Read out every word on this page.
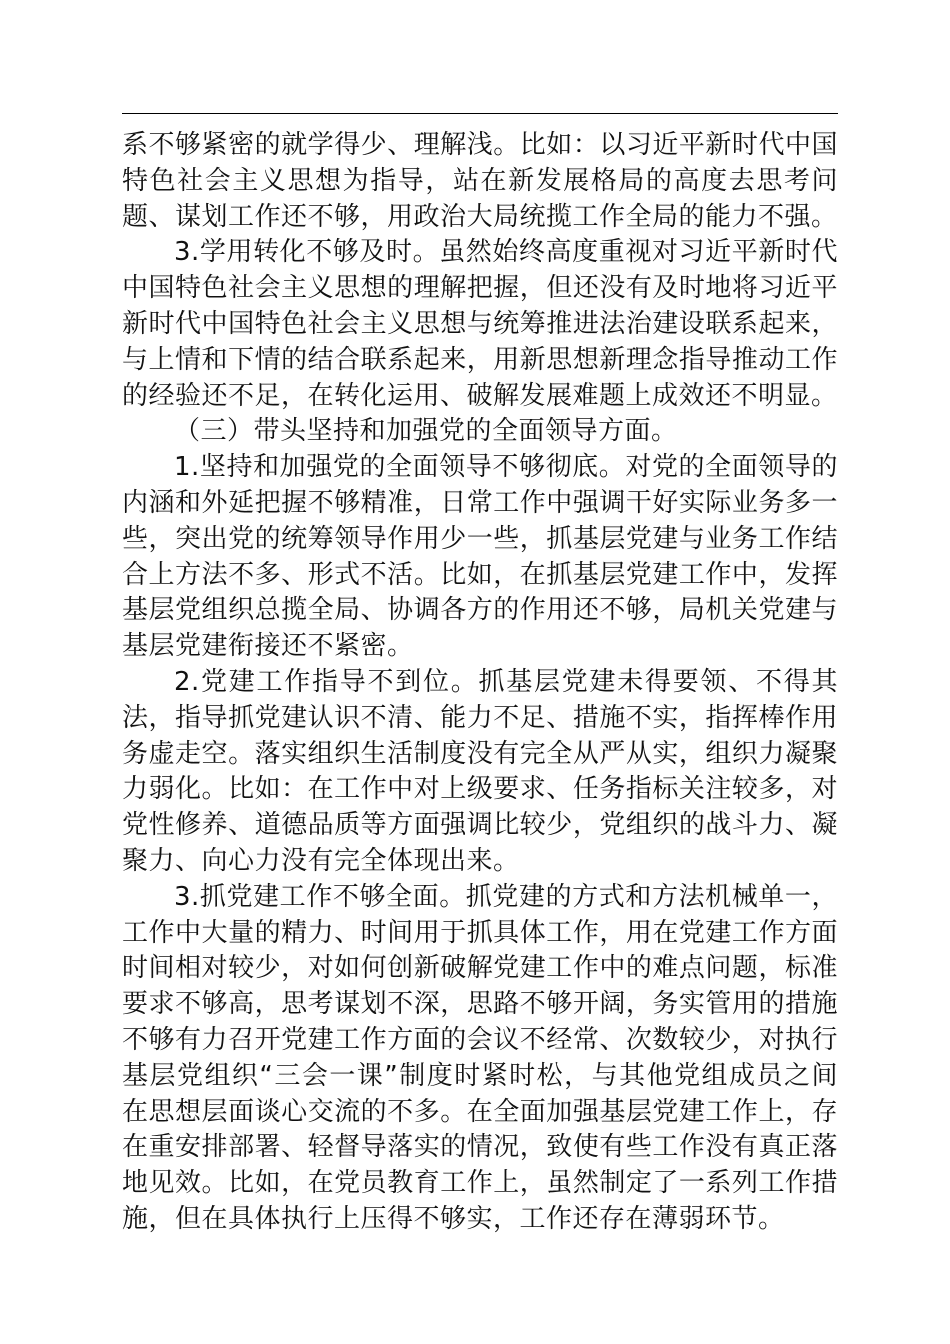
系不够紧密的就学得少、理解浅。比如：以习近平新时代中国特色社会主义思想为指导，站在新发展格局的高度去思考问题、谋划工作还不够，用政治大局统揽工作全局的能力不强。

3.学用转化不够及时。虽然始终高度重视对习近平新时代中国特色社会主义思想的理解把握，但还没有及时地将习近平新时代中国特色社会主义思想与统筹推进法治建设联系起来，与上情和下情的结合联系起来，用新思想新理念指导推动工作的经验还不足，在转化运用、破解发展难题上成效还不明显。

（三）带头坚持和加强党的全面领导方面。

1.坚持和加强党的全面领导不够彻底。对党的全面领导的内涵和外延把握不够精准，日常工作中强调干好实际业务多一些，突出党的统筹领导作用少一些，抓基层党建与业务工作结合上方法不多、形式不活。比如，在抓基层党建工作中，发挥基层党组织总揽全局、协调各方的作用还不够，局机关党建与基层党建衔接还不紧密。

2.党建工作指导不到位。抓基层党建未得要领、不得其法，指导抓党建认识不清、能力不足、措施不实，指挥棒作用务虚走空。落实组织生活制度没有完全从严从实，组织力凝聚力弱化。比如：在工作中对上级要求、任务指标关注较多，对党性修养、道德品质等方面强调比较少，党组织的战斗力、凝聚力、向心力没有完全体现出来。

3.抓党建工作不够全面。抓党建的方式和方法机械单一，工作中大量的精力、时间用于抓具体工作，用在党建工作方面时间相对较少，对如何创新破解党建工作中的难点问题，标准要求不够高，思考谋划不深，思路不够开阔，务实管用的措施不够有力召开党建工作方面的会议不经常、次数较少，对执行基层党组织“三会一课”制度时紧时松，与其他党组成员之间在思想层面谈心交流的不多。在全面加强基层党建工作上，存在重安排部署、轻督导落实的情况，致使有些工作没有真正落地见效。比如，在党员教育工作上，虽然制定了一系列工作措施，但在具体执行上压得不够实，工作还存在薄弱环节。
